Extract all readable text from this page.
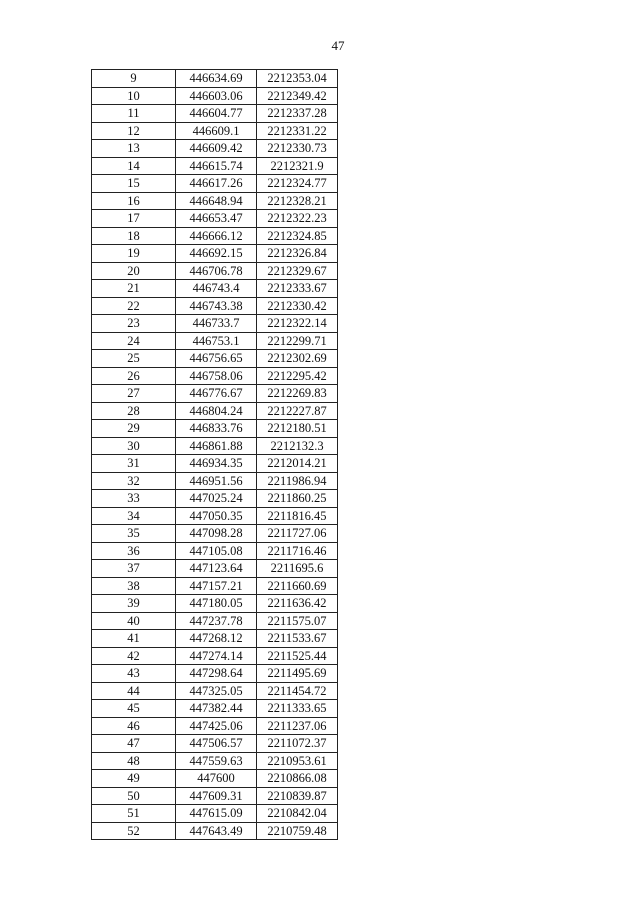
47
9	446634.69	2212353.04
10	446603.06	2212349.42
11	446604.77	2212337.28
12	446609.1	2212331.22
13	446609.42	2212330.73
14	446615.74	2212321.9
15	446617.26	2212324.77
16	446648.94	2212328.21
17	446653.47	2212322.23
18	446666.12	2212324.85
19	446692.15	2212326.84
20	446706.78	2212329.67
21	446743.4	2212333.67
22	446743.38	2212330.42
23	446733.7	2212322.14
24	446753.1	2212299.71
25	446756.65	2212302.69
26	446758.06	2212295.42
27	446776.67	2212269.83
28	446804.24	2212227.87
29	446833.76	2212180.51
30	446861.88	2212132.3
31	446934.35	2212014.21
32	446951.56	2211986.94
33	447025.24	2211860.25
34	447050.35	2211816.45
35	447098.28	2211727.06
36	447105.08	2211716.46
37	447123.64	2211695.6
38	447157.21	2211660.69
39	447180.05	2211636.42
40	447237.78	2211575.07
41	447268.12	2211533.67
42	447274.14	2211525.44
43	447298.64	2211495.69
44	447325.05	2211454.72
45	447382.44	2211333.65
46	447425.06	2211237.06
47	447506.57	2211072.37
48	447559.63	2210953.61
49	447600	2210866.08
50	447609.31	2210839.87
51	447615.09	2210842.04
52	447643.49	2210759.48
